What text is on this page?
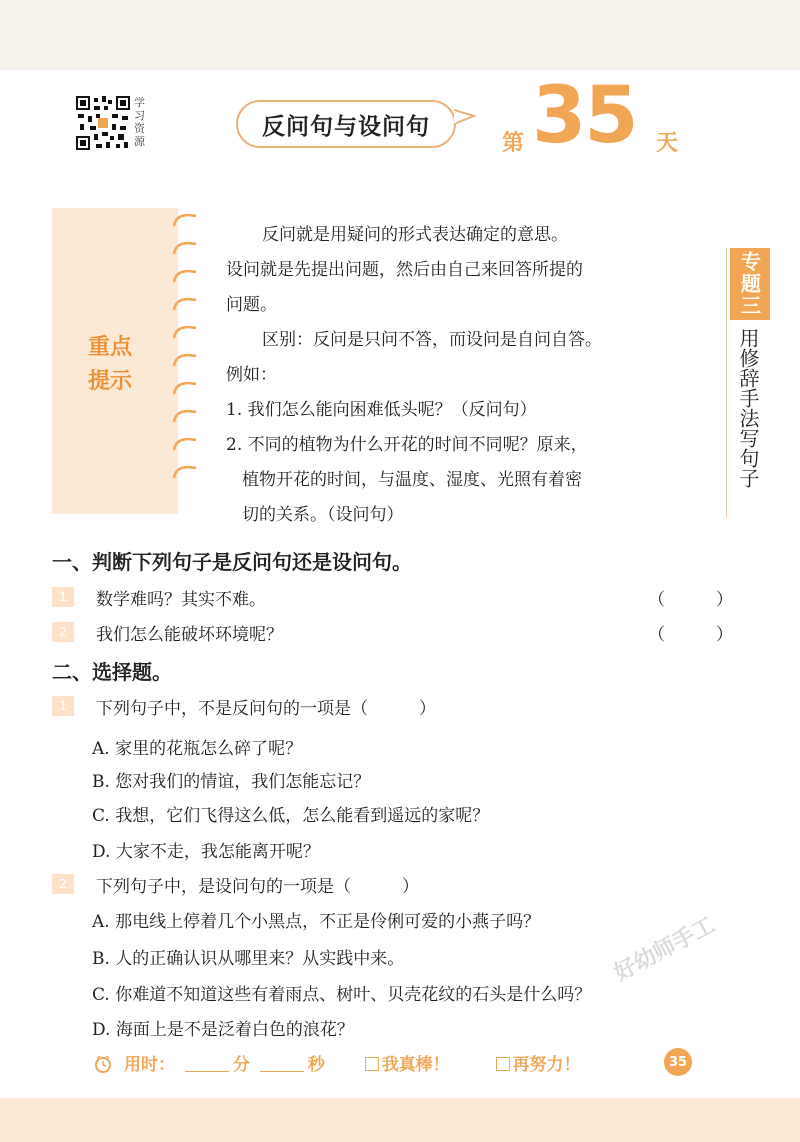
学习资源
反问句与设问句
第 35 天
专题三
用修辞手法写句子
重点
提示

反问就是用疑问的形式表达确定的意思。

设问就是先提出问题，然后由自己来回答所提的

问题。

区别：反问是只问不答，而设问是自问自答。

例如：

1. 我们怎么能向困难低头呢？（反问句）

2. 不同的植物为什么开花的时间不同呢？原来，

植物开花的时间，与温度、湿度、光照有着密

切的关系。（设问句）

一、判断下列句子是反问句还是设问句。
1	数学难吗？其实不难。	（　　　）
2	我们怎么能破坏环境呢？	（　　　）
二、选择题。
1	下列句子中，不是反问句的一项是（　　　）
A. 家里的花瓶怎么碎了呢？
B. 您对我们的情谊，我们怎能忘记？
C. 我想，它们飞得这么低，怎么能看到遥远的家呢？
D. 大家不走，我怎能离开呢？
2	下列句子中，是设问句的一项是（　　　）
A. 那电线上停着几个小黑点，不正是伶俐可爱的小燕子吗？
B. 人的正确认识从哪里来？从实践中来。
C. 你难道不知道这些有着雨点、树叶、贝壳花纹的石头是什么吗？
D. 海面上是不是泛着白色的浪花？
好幼师手工
用时：	分	秒	我真棒！	再努力！	35
